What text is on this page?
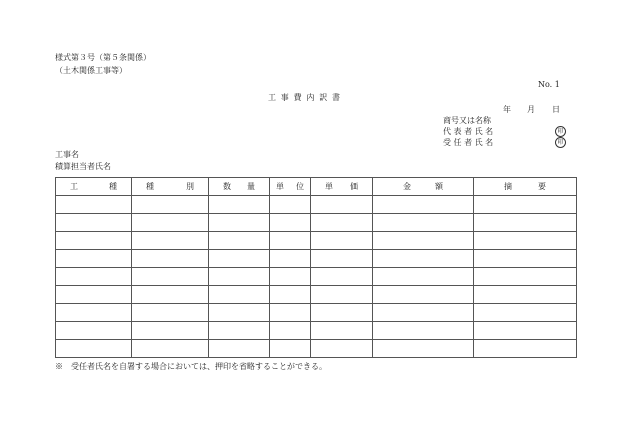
様式第３号（第５条関係）
（土木関係工事等）
No. 1
工事費内訳書
年 月 日
商号又は名称
代 表 者 氏 名	印
受 任 者 氏 名	印
工事名
積算担当者氏名
工 種	種 別	数 量	単 位	単 価	金 額	摘 要

※　受任者氏名を自署する場合においては、押印を省略することができる。
